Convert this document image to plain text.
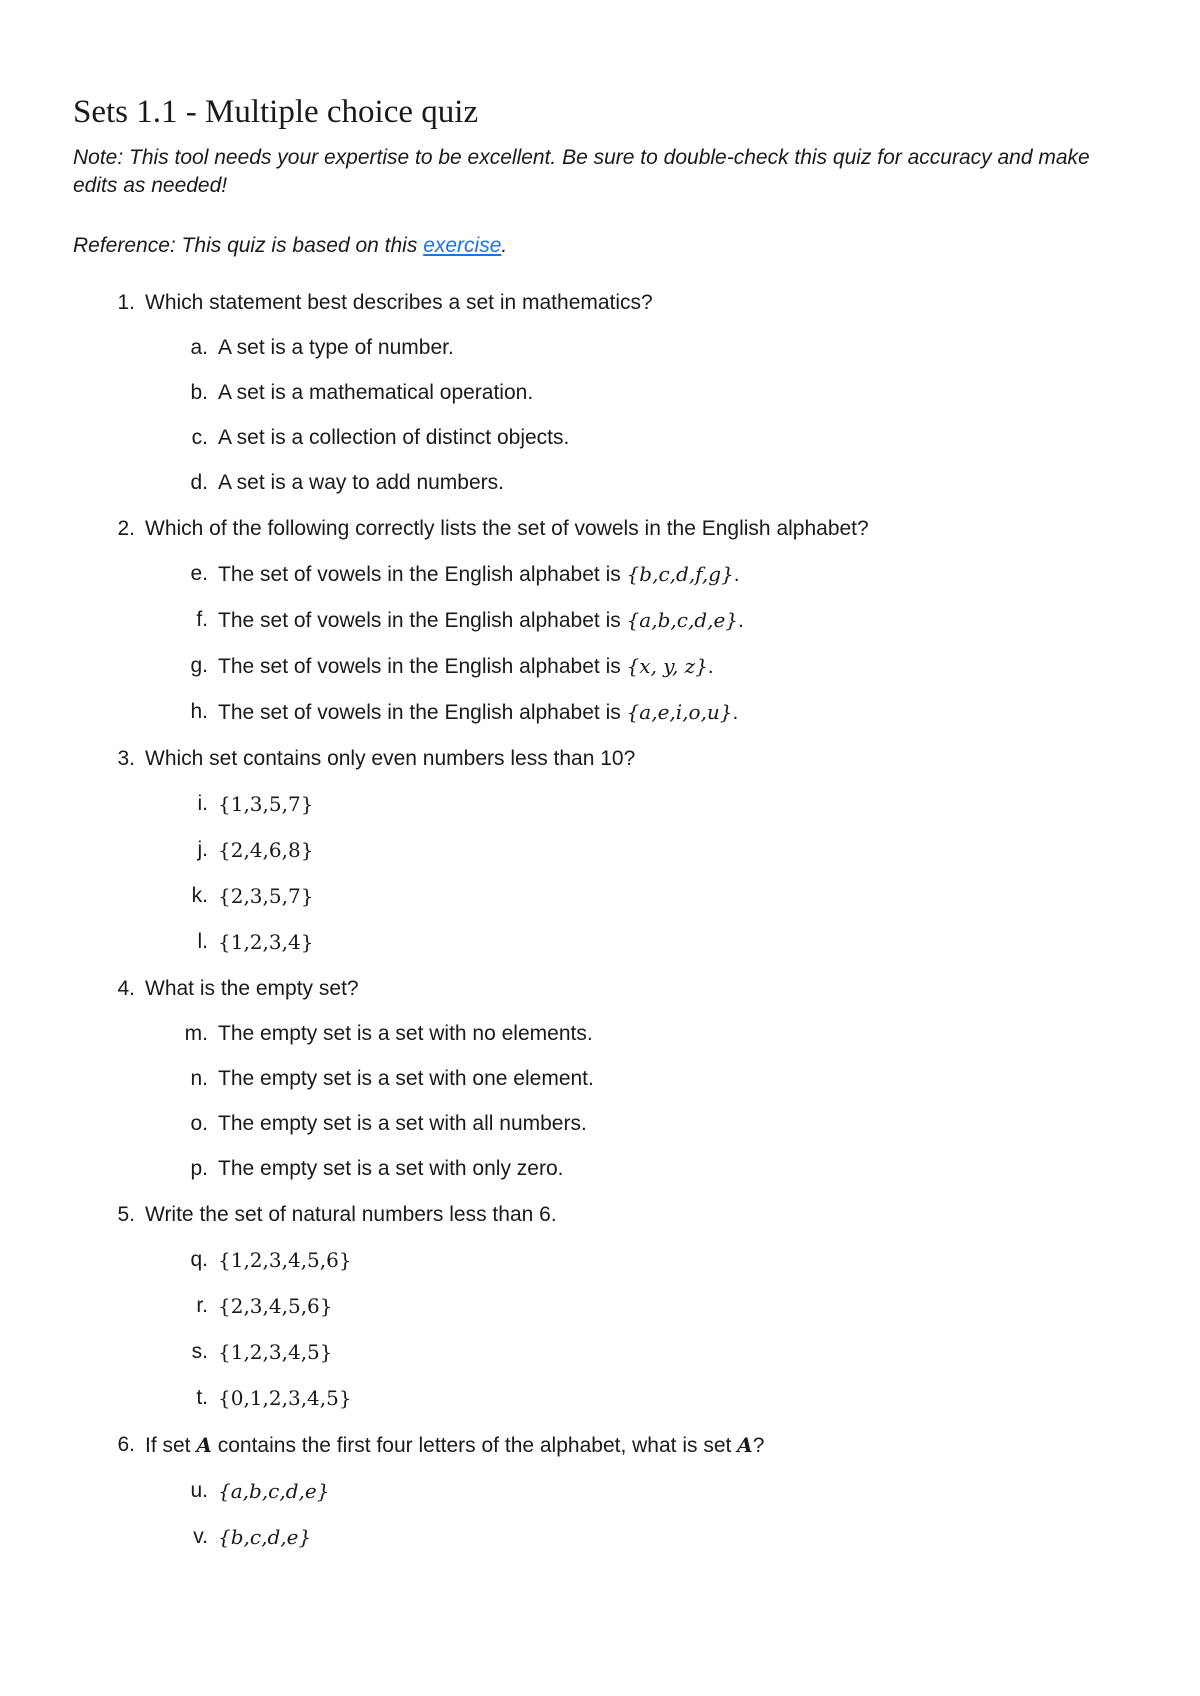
Sets 1.1 - Multiple choice quiz
Note: This tool needs your expertise to be excellent. Be sure to double-check this quiz for accuracy and make edits as needed!
Reference: This quiz is based on this exercise.
1. Which statement best describes a set in mathematics?
a. A set is a type of number.
b. A set is a mathematical operation.
c. A set is a collection of distinct objects.
d. A set is a way to add numbers.
2. Which of the following correctly lists the set of vowels in the English alphabet?
e. The set of vowels in the English alphabet is {b,c,d,f,g}.
f. The set of vowels in the English alphabet is {a,b,c,d,e}.
g. The set of vowels in the English alphabet is {x, y, z}.
h. The set of vowels in the English alphabet is {a,e,i,o,u}.
3. Which set contains only even numbers less than 10?
i. {1,3,5,7}
j. {2,4,6,8}
k. {2,3,5,7}
l. {1,2,3,4}
4. What is the empty set?
m. The empty set is a set with no elements.
n. The empty set is a set with one element.
o. The empty set is a set with all numbers.
p. The empty set is a set with only zero.
5. Write the set of natural numbers less than 6.
q. {1,2,3,4,5,6}
r. {2,3,4,5,6}
s. {1,2,3,4,5}
t. {0,1,2,3,4,5}
6. If set A contains the first four letters of the alphabet, what is set A?
u. {a,b,c,d,e}
v. {b,c,d,e}
